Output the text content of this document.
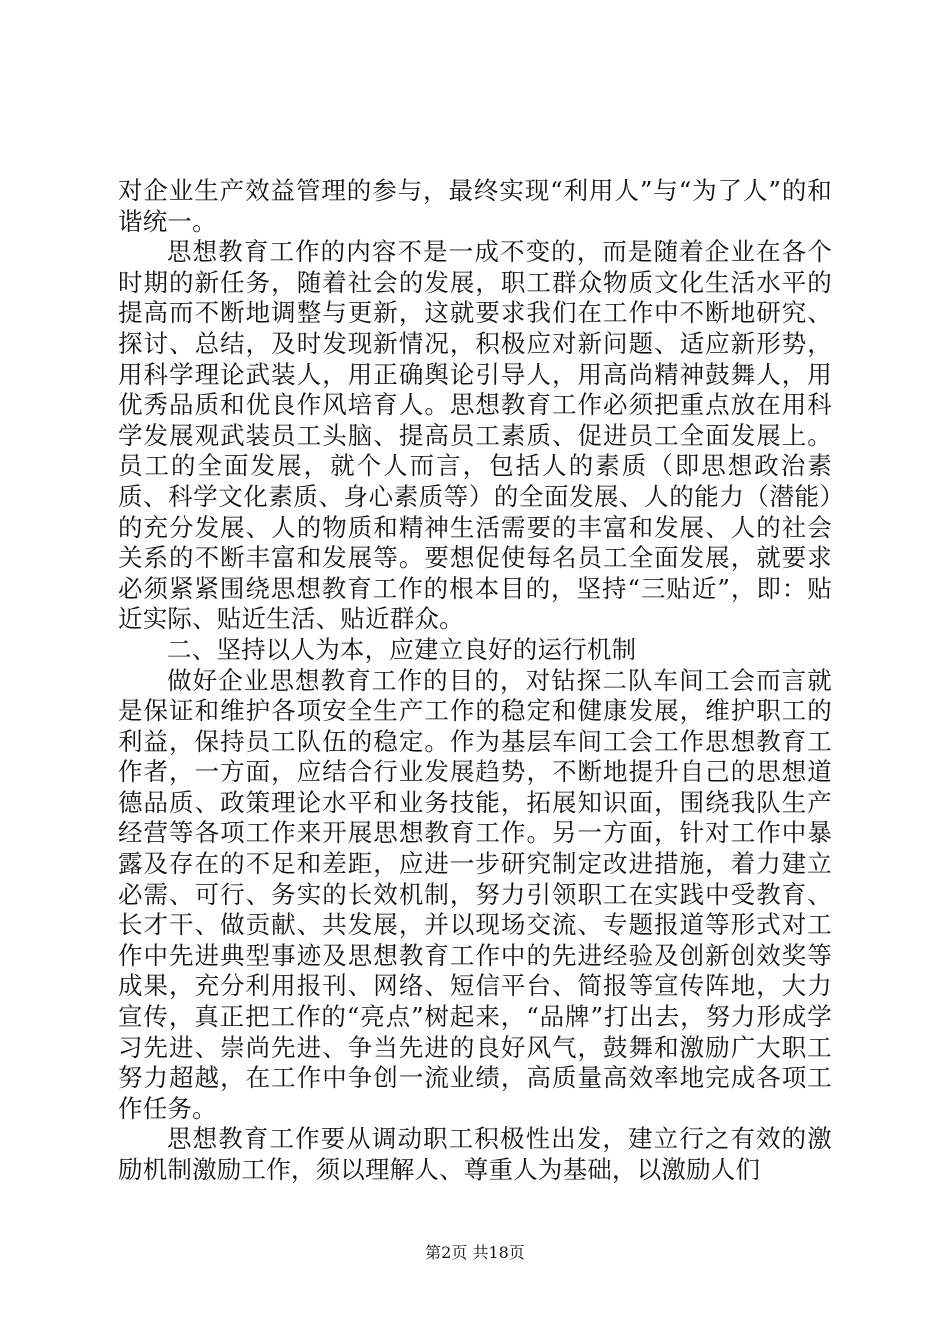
对企业生产效益管理的参与，最终实现“利用人”与“为了人”的和谐统一。

思想教育工作的内容不是一成不变的，而是随着企业在各个时期的新任务，随着社会的发展，职工群众物质文化生活水平的提高而不断地调整与更新，这就要求我们在工作中不断地研究、探讨、总结，及时发现新情况，积极应对新问题、适应新形势，用科学理论武装人，用正确舆论引导人，用高尚精神鼓舞人，用优秀品质和优良作风培育人。思想教育工作必须把重点放在用科学发展观武装员工头脑、提高员工素质、促进员工全面发展上。员工的全面发展，就个人而言，包括人的素质（即思想政治素质、科学文化素质、身心素质等）的全面发展、人的能力（潜能）的充分发展、人的物质和精神生活需要的丰富和发展、人的社会关系的不断丰富和发展等。要想促使每名员工全面发展，就要求必须紧紧围绕思想教育工作的根本目的，坚持“三贴近”，即：贴近实际、贴近生活、贴近群众。

二、坚持以人为本，应建立良好的运行机制

做好企业思想教育工作的目的，对钻探二队车间工会而言就是保证和维护各项安全生产工作的稳定和健康发展，维护职工的利益，保持员工队伍的稳定。作为基层车间工会工作思想教育工作者，一方面，应结合行业发展趋势，不断地提升自己的思想道德品质、政策理论水平和业务技能，拓展知识面，围绕我队生产经营等各项工作来开展思想教育工作。另一方面，针对工作中暴露及存在的不足和差距，应进一步研究制定改进措施，着力建立必需、可行、务实的长效机制，努力引领职工在实践中受教育、长才干、做贡献、共发展，并以现场交流、专题报道等形式对工作中先进典型事迹及思想教育工作中的先进经验及创新创效奖等成果，充分利用报刊、网络、短信平台、简报等宣传阵地，大力宣传，真正把工作的“亮点”树起来，“品牌”打出去，努力形成学习先进、崇尚先进、争当先进的良好风气，鼓舞和激励广大职工努力超越，在工作中争创一流业绩，高质量高效率地完成各项工作任务。

思想教育工作要从调动职工积极性出发，建立行之有效的激励机制激励工作，须以理解人、尊重人为基础，以激励人们

第2页 共18页
